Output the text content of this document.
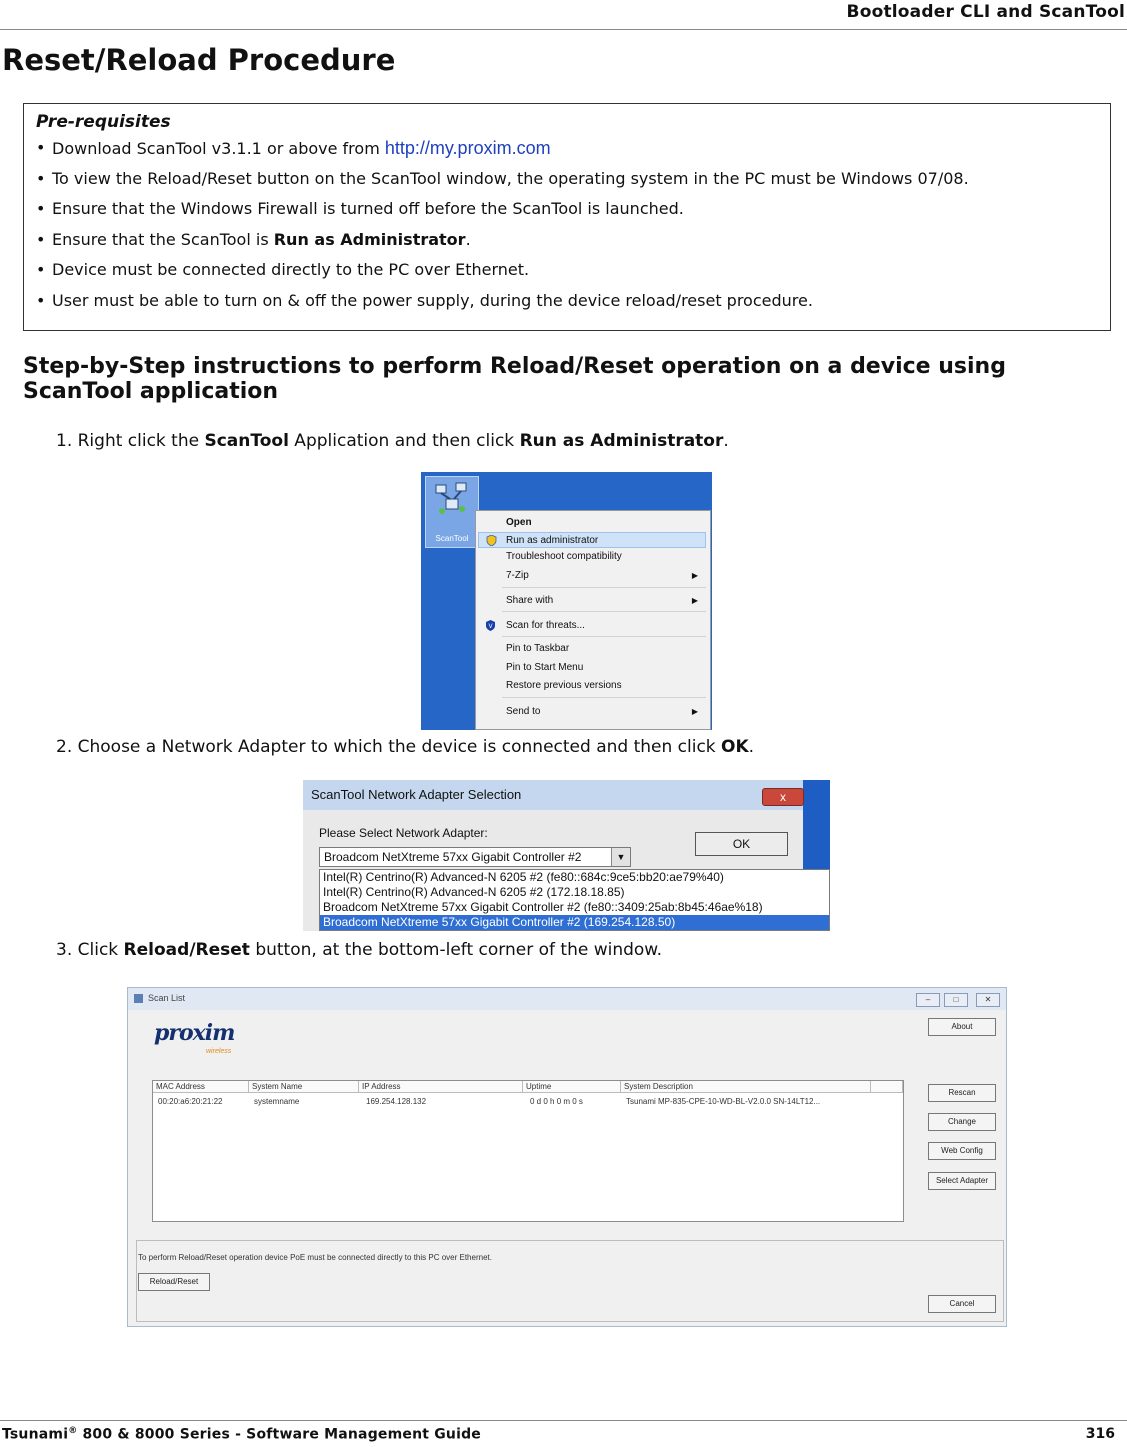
Bootloader CLI and ScanTool
Reset/Reload Procedure
Pre-requisites
• Download ScanTool v3.1.1 or above from http://my.proxim.com
• To view the Reload/Reset button on the ScanTool window, the operating system in the PC must be Windows 07/08.
• Ensure that the Windows Firewall is turned off before the ScanTool is launched.
• Ensure that the ScanTool is Run as Administrator.
• Device must be connected directly to the PC over Ethernet.
• User must be able to turn on & off the power supply, during the device reload/reset procedure.
Step-by-Step instructions to perform Reload/Reset operation on a device using ScanTool application
1. Right click the ScanTool Application and then click Run as Administrator.
ScanTool
Open
Run as administrator
Troubleshoot compatibility
7-Zip	▶
Share with	▶
V Scan for threats...
Pin to Taskbar
Pin to Start Menu
Restore previous versions
Send to	▶
2. Choose a Network Adapter to which the device is connected and then click OK.
ScanTool Network Adapter Selection	x
Please Select Network Adapter:
OK
Broadcom NetXtreme 57xx Gigabit Controller #2	▼
Intel(R) Centrino(R) Advanced-N 6205 #2 (fe80::684c:9ce5:bb20:ae79%40)
Intel(R) Centrino(R) Advanced-N 6205 #2 (172.18.18.85)
Broadcom NetXtreme 57xx Gigabit Controller #2 (fe80::3409:25ab:8b45:46ae%18)
Broadcom NetXtreme 57xx Gigabit Controller #2 (169.254.128.50)
3. Click Reload/Reset button, at the bottom-left corner of the window.
Scan List	–	□	✕
proxim
wireless
About
MAC Address	System Name	IP Address	Uptime	System Description
00:20:a6:20:21:22	systemname	169.254.128.132	0 d 0 h 0 m 0 s	Tsunami MP-835-CPE-10-WD-BL-V2.0.0 SN-14LT12...
Rescan
Change
Web Config
Select Adapter
To perform Reload/Reset operation device PoE must be connected directly to this PC over Ethernet.
Reload/Reset
Cancel
Tsunami® 800 & 8000 Series - Software Management Guide	316
